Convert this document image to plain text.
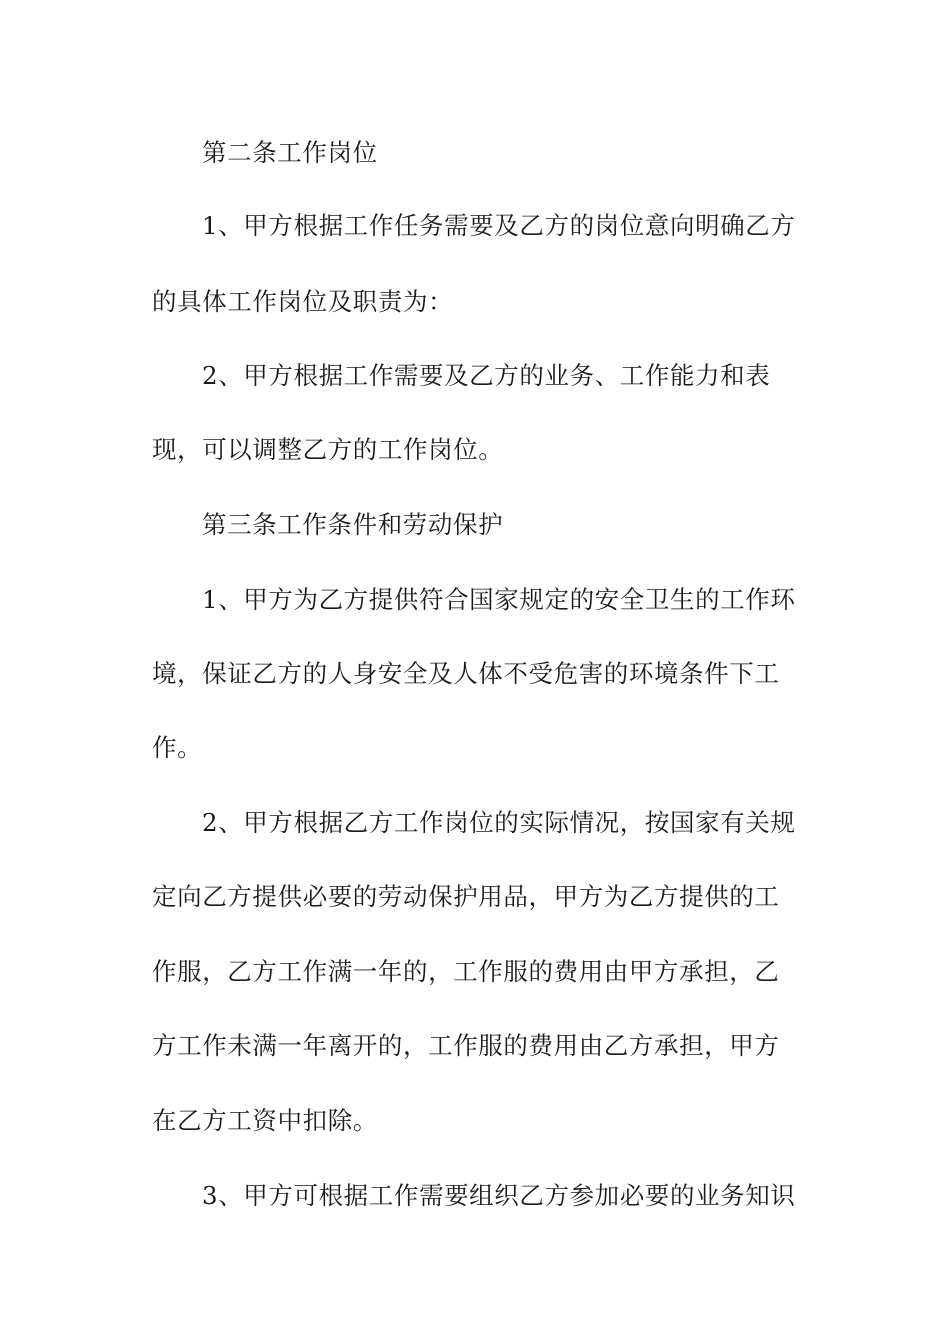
第二条工作岗位
1、甲方根据工作任务需要及乙方的岗位意向明确乙方
的具体工作岗位及职责为：
2、甲方根据工作需要及乙方的业务、工作能力和表
现，可以调整乙方的工作岗位。
第三条工作条件和劳动保护
1、甲方为乙方提供符合国家规定的安全卫生的工作环
境，保证乙方的人身安全及人体不受危害的环境条件下工
作。
2、甲方根据乙方工作岗位的实际情况，按国家有关规
定向乙方提供必要的劳动保护用品，甲方为乙方提供的工
作服，乙方工作满一年的，工作服的费用由甲方承担，乙
方工作未满一年离开的，工作服的费用由乙方承担，甲方
在乙方工资中扣除。
3、甲方可根据工作需要组织乙方参加必要的业务知识
